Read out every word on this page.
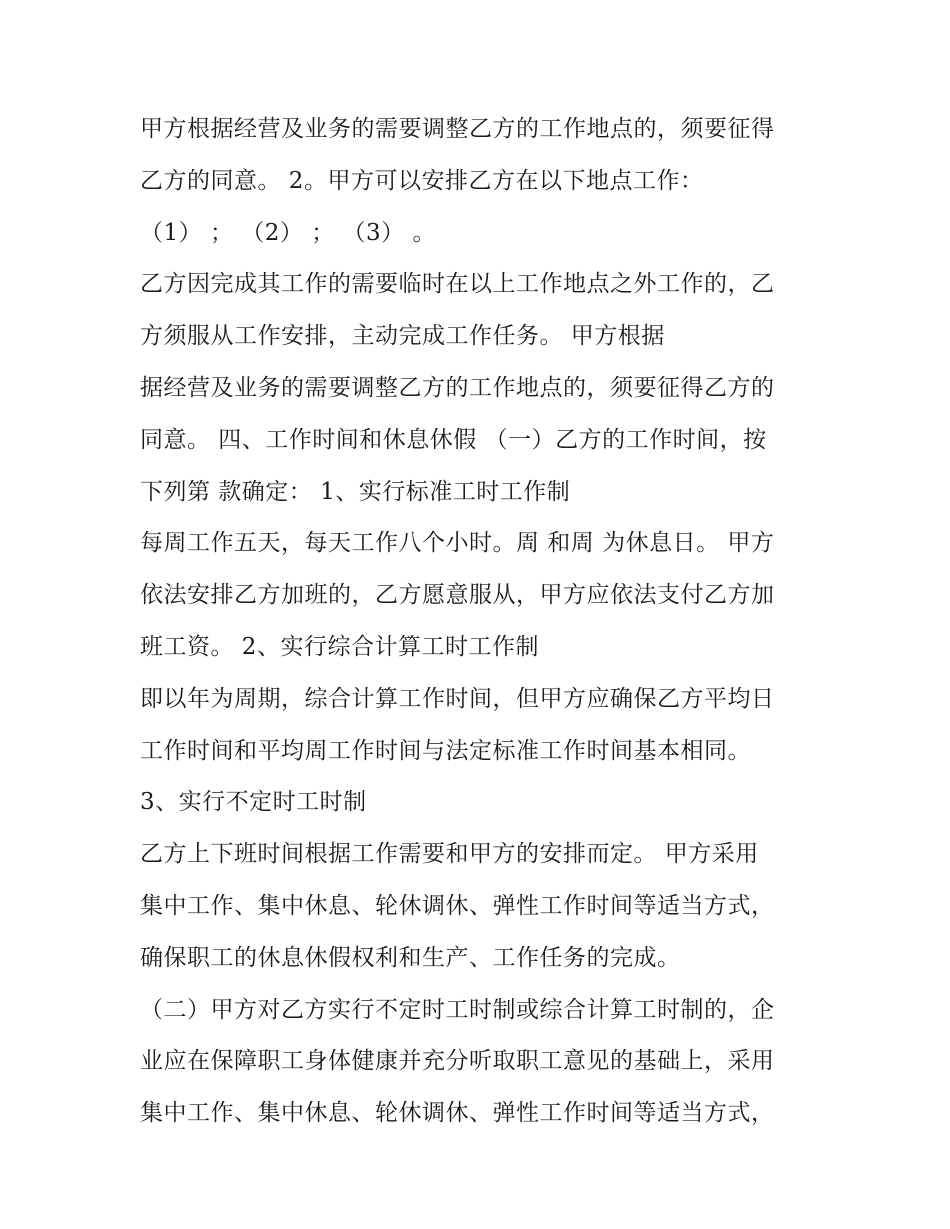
甲方根据经营及业务的需要调整乙方的工作地点的，须要征得
乙方的同意。 2。甲方可以安排乙方在以下地点工作：
（1） ； （2） ； （3） 。
乙方因完成其工作的需要临时在以上工作地点之外工作的，乙
方须服从工作安排，主动完成工作任务。 甲方根据
据经营及业务的需要调整乙方的工作地点的，须要征得乙方的
同意。 四、工作时间和休息休假 （一）乙方的工作时间，按
下列第 款确定： 1、实行标准工时工作制
每周工作五天，每天工作八个小时。周 和周 为休息日。 甲方
依法安排乙方加班的，乙方愿意服从，甲方应依法支付乙方加
班工资。 2、实行综合计算工时工作制
即以年为周期，综合计算工作时间，但甲方应确保乙方平均日
工作时间和平均周工作时间与法定标准工作时间基本相同。
3、实行不定时工时制
乙方上下班时间根据工作需要和甲方的安排而定。 甲方采用
集中工作、集中休息、轮休调休、弹性工作时间等适当方式，
确保职工的休息休假权利和生产、工作任务的完成。
（二）甲方对乙方实行不定时工时制或综合计算工时制的，企
业应在保障职工身体健康并充分听取职工意见的基础上，采用
集中工作、集中休息、轮休调休、弹性工作时间等适当方式，
